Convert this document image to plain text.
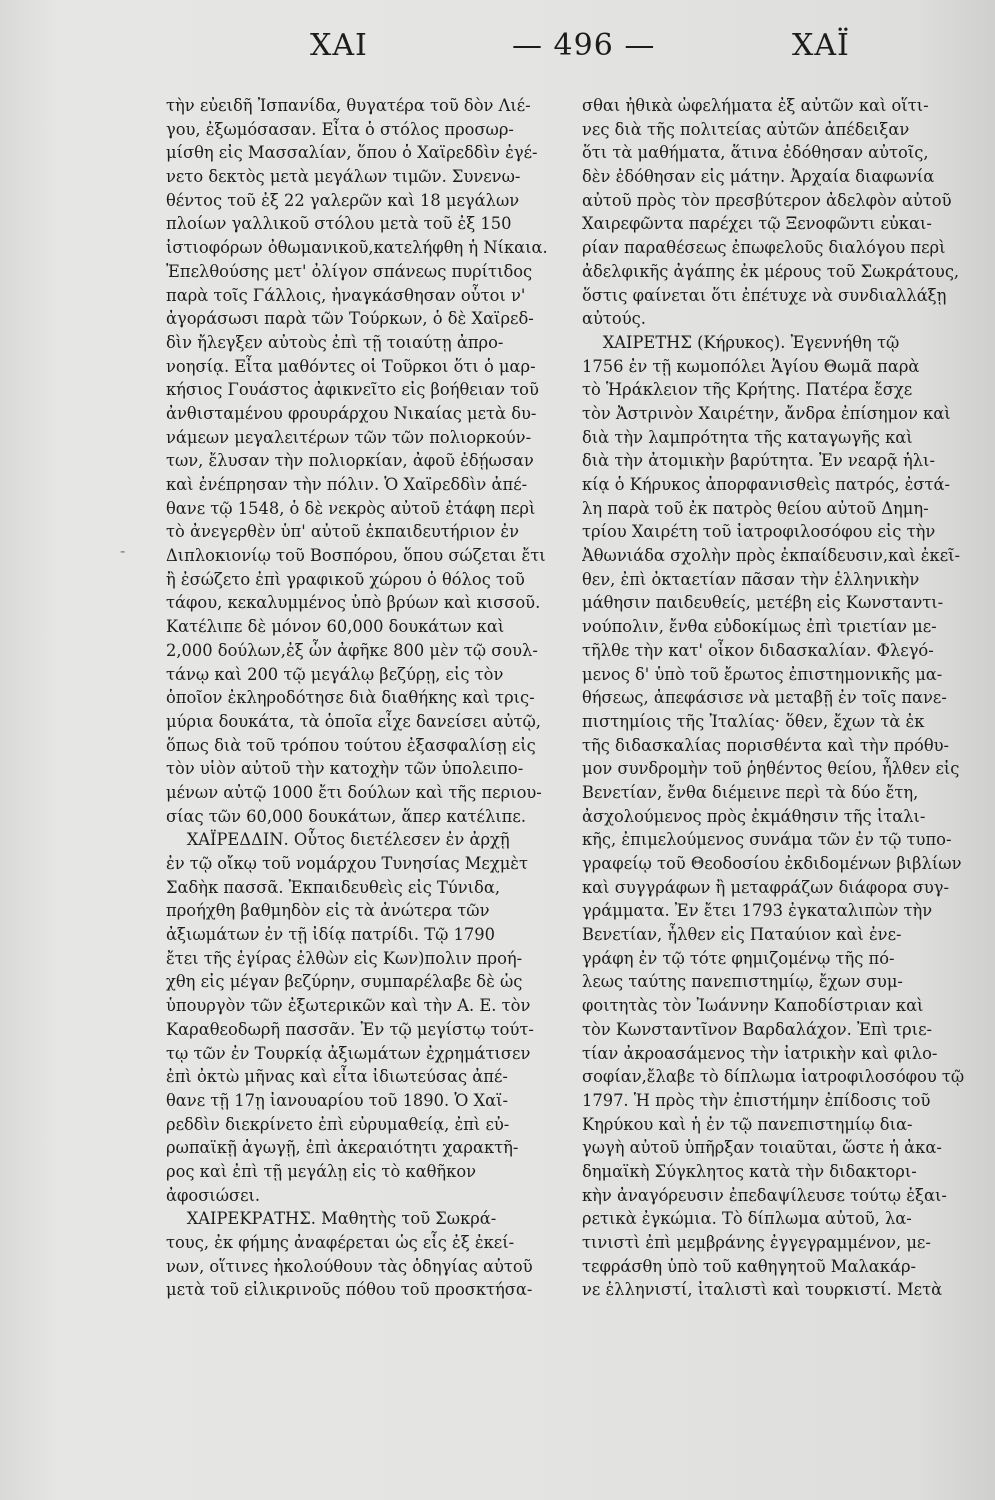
ΧΑΙ	— 496 —	ΧΑΪ
-
τὴν εὐειδῆ Ἰσπανίδα, θυγατέρα τοῦ δὸν Λιέ-
γου, ἐξωμόσασαν. Εἶτα ὁ στόλος προσωρ-
μίσθη εἰς Μασσαλίαν, ὅπου ὁ Χαϊρεδδὶν ἐγέ-
νετο δεκτὸς μετὰ μεγάλων τιμῶν. Συνενω-
θέντος τοῦ ἐξ 22 γαλερῶν καὶ 18 μεγάλων
πλοίων γαλλικοῦ στόλου μετὰ τοῦ ἐξ 150
ἱστιοφόρων ὀθωμανικοῦ,κατελήφθη ἡ Νίκαια.
Ἐπελθούσης μετ' ὀλίγον σπάνεως πυρίτιδος
παρὰ τοῖς Γάλλοις, ἠναγκάσθησαν οὗτοι ν'
ἀγοράσωσι παρὰ τῶν Τούρκων, ὁ δὲ Χαϊρεδ-
δὶν ἤλεγξεν αὐτοὺς ἐπὶ τῇ τοιαύτῃ ἀπρο-
νοησίᾳ. Εἶτα μαθόντες οἱ Τοῦρκοι ὅτι ὁ μαρ-
κήσιος Γουάστος ἀφικνεῖτο εἰς βοήθειαν τοῦ
ἀνθισταμένου φρουράρχου Νικαίας μετὰ δυ-
νάμεων μεγαλειτέρων τῶν τῶν πολιορκούν-
των, ἔλυσαν τὴν πολιορκίαν, ἀφοῦ ἐδῄωσαν
καὶ ἐνέπρησαν τὴν πόλιν. Ὁ Χαϊρεδδὶν ἀπέ-
θανε τῷ 1548, ὁ δὲ νεκρὸς αὐτοῦ ἐτάφη περὶ
τὸ ἀνεγερθὲν ὑπ' αὐτοῦ ἐκπαιδευτήριον ἐν
Διπλοκιονίῳ τοῦ Βοσπόρου, ὅπου σώζεται ἔτι
ἢ ἐσώζετο ἐπὶ γραφικοῦ χώρου ὁ θόλος τοῦ
τάφου, κεκαλυμμένος ὑπὸ βρύων καὶ κισσοῦ.
Κατέλιπε δὲ μόνον 60,000 δουκάτων καὶ
2,000 δούλων,ἐξ ὧν ἀφῆκε 800 μὲν τῷ σουλ-
τάνῳ καὶ 200 τῷ μεγάλῳ βεζύρῃ, εἰς τὸν
ὁποῖον ἐκληροδότησε διὰ διαθήκης καὶ τρις-
μύρια δουκάτα, τὰ ὁποῖα εἶχε δανείσει αὐτῷ,
ὅπως διὰ τοῦ τρόπου τούτου ἐξασφαλίσῃ εἰς
τὸν υἱὸν αὐτοῦ τὴν κατοχὴν τῶν ὑπολειπο-
μένων αὐτῷ 1000 ἔτι δούλων καὶ τῆς περιου-
σίας τῶν 60,000 δουκάτων, ἅπερ κατέλιπε.
ΧΑΪΡΕΔΔΙΝ. Οὗτος διετέλεσεν ἐν ἀρχῇ
ἐν τῷ οἴκῳ τοῦ νομάρχου Τυνησίας Μεχμὲτ
Σαδὴκ πασσᾶ. Ἐκπαιδευθεὶς εἰς Τύνιδα,
προήχθη βαθμηδὸν εἰς τὰ ἀνώτερα τῶν
ἀξιωμάτων ἐν τῇ ἰδίᾳ πατρίδι. Τῷ 1790
ἔτει τῆς ἐγίρας ἐλθὼν εἰς Κων)πολιν προή-
χθη εἰς μέγαν βεζύρην, συμπαρέλαβε δὲ ὡς
ὑπουργὸν τῶν ἐξωτερικῶν καὶ τὴν Α. Ε. τὸν
Καραθεοδωρῆ πασσᾶν. Ἐν τῷ μεγίστῳ τούτ-
τῳ τῶν ἐν Τουρκίᾳ ἀξιωμάτων ἐχρημάτισεν
ἐπὶ ὀκτὼ μῆνας καὶ εἶτα ἰδιωτεύσας ἀπέ-
θανε τῇ 17ῃ ἰανουαρίου τοῦ 1890. Ὁ Χαϊ-
ρεδδὶν διεκρίνετο ἐπὶ εὐρυμαθείᾳ, ἐπὶ εὐ-
ρωπαϊκῇ ἀγωγῇ, ἐπὶ ἀκεραιότητι χαρακτῆ-
ρος καὶ ἐπὶ τῇ μεγάλῃ εἰς τὸ καθῆκον
ἀφοσιώσει.
ΧΑΙΡΕΚΡΑΤΗΣ. Μαθητὴς τοῦ Σωκρά-
τους, ἐκ φήμης ἀναφέρεται ὡς εἷς ἐξ ἐκεί-
νων, οἵτινες ἠκολούθουν τὰς ὁδηγίας αὐτοῦ
μετὰ τοῦ εἰλικρινοῦς πόθου τοῦ προσκτήσα-
σθαι ἠθικὰ ὠφελήματα ἐξ αὐτῶν καὶ οἵτι-
νες διὰ τῆς πολιτείας αὐτῶν ἀπέδειξαν
ὅτι τὰ μαθήματα, ἅτινα ἐδόθησαν αὐτοῖς,
δὲν ἐδόθησαν εἰς μάτην. Ἀρχαία διαφωνία
αὐτοῦ πρὸς τὸν πρεσβύτερον ἀδελφὸν αὐτοῦ
Χαιρεφῶντα παρέχει τῷ Ξενοφῶντι εὐκαι-
ρίαν παραθέσεως ἐπωφελοῦς διαλόγου περὶ
ἀδελφικῆς ἀγάπης ἐκ μέρους τοῦ Σωκράτους,
ὅστις φαίνεται ὅτι ἐπέτυχε νὰ συνδιαλλάξῃ
αὐτούς.
ΧΑΙΡΕΤΗΣ (Κήρυκος). Ἐγεννήθη τῷ
1756 ἐν τῇ κωμοπόλει Ἁγίου Θωμᾶ παρὰ
τὸ Ἡράκλειον τῆς Κρήτης. Πατέρα ἔσχε
τὸν Ἀστρινὸν Χαιρέτην, ἄνδρα ἐπίσημον καὶ
διὰ τὴν λαμπρότητα τῆς καταγωγῆς καὶ
διὰ τὴν ἀτομικὴν βαρύτητα. Ἐν νεαρᾷ ἡλι-
κίᾳ ὁ Κήρυκος ἀπορφανισθεὶς πατρός, ἐστά-
λη παρὰ τοῦ ἐκ πατρὸς θείου αὐτοῦ Δημη-
τρίου Χαιρέτη τοῦ ἰατροφιλοσόφου εἰς τὴν
Ἀθωνιάδα σχολὴν πρὸς ἐκπαίδευσιν,καὶ ἐκεῖ-
θεν, ἐπὶ ὀκταετίαν πᾶσαν τὴν ἑλληνικὴν
μάθησιν παιδευθείς, μετέβη εἰς Κωνσταντι-
νούπολιν, ἔνθα εὐδοκίμως ἐπὶ τριετίαν με-
τῆλθε τὴν κατ' οἶκον διδασκαλίαν. Φλεγό-
μενος δ' ὑπὸ τοῦ ἔρωτος ἐπιστημονικῆς μα-
θήσεως, ἀπεφάσισε νὰ μεταβῇ ἐν τοῖς πανε-
πιστημίοις τῆς Ἰταλίας· ὅθεν, ἔχων τὰ ἐκ
τῆς διδασκαλίας πορισθέντα καὶ τὴν πρόθυ-
μον συνδρομὴν τοῦ ῥηθέντος θείου, ἦλθεν εἰς
Βενετίαν, ἔνθα διέμεινε περὶ τὰ δύο ἔτη,
ἀσχολούμενος πρὸς ἐκμάθησιν τῆς ἰταλι-
κῆς, ἐπιμελούμενος συνάμα τῶν ἐν τῷ τυπο-
γραφείῳ τοῦ Θεοδοσίου ἐκδιδομένων βιβλίων
καὶ συγγράφων ἢ μεταφράζων διάφορα συγ-
γράμματα. Ἐν ἔτει 1793 ἐγκαταλιπὼν τὴν
Βενετίαν, ἦλθεν εἰς Παταύιον καὶ ἐνε-
γράφη ἐν τῷ τότε φημιζομένῳ τῆς πό-
λεως ταύτης πανεπιστημίῳ, ἔχων συμ-
φοιτητὰς τὸν Ἰωάννην Καποδίστριαν καὶ
τὸν Κωνσταντῖνον Βαρδαλάχον. Ἐπὶ τριε-
τίαν ἀκροασάμενος τὴν ἰατρικὴν καὶ φιλο-
σοφίαν,ἔλαβε τὸ δίπλωμα ἰατροφιλοσόφου τῷ
1797. Ἡ πρὸς τὴν ἐπιστήμην ἐπίδοσις τοῦ
Κηρύκου καὶ ἡ ἐν τῷ πανεπιστημίῳ δια-
γωγὴ αὐτοῦ ὑπῆρξαν τοιαῦται, ὥστε ἡ ἀκα-
δημαϊκὴ Σύγκλητος κατὰ τὴν διδακτορι-
κὴν ἀναγόρευσιν ἐπεδαψίλευσε τούτῳ ἐξαι-
ρετικὰ ἐγκώμια. Τὸ δίπλωμα αὐτοῦ, λα-
τινιστὶ ἐπὶ μεμβράνης ἐγγεγραμμένον, με-
τεφράσθη ὑπὸ τοῦ καθηγητοῦ Μαλακάρ-
νε ἑλληνιστί, ἰταλιστὶ καὶ τουρκιστί. Μετὰ
